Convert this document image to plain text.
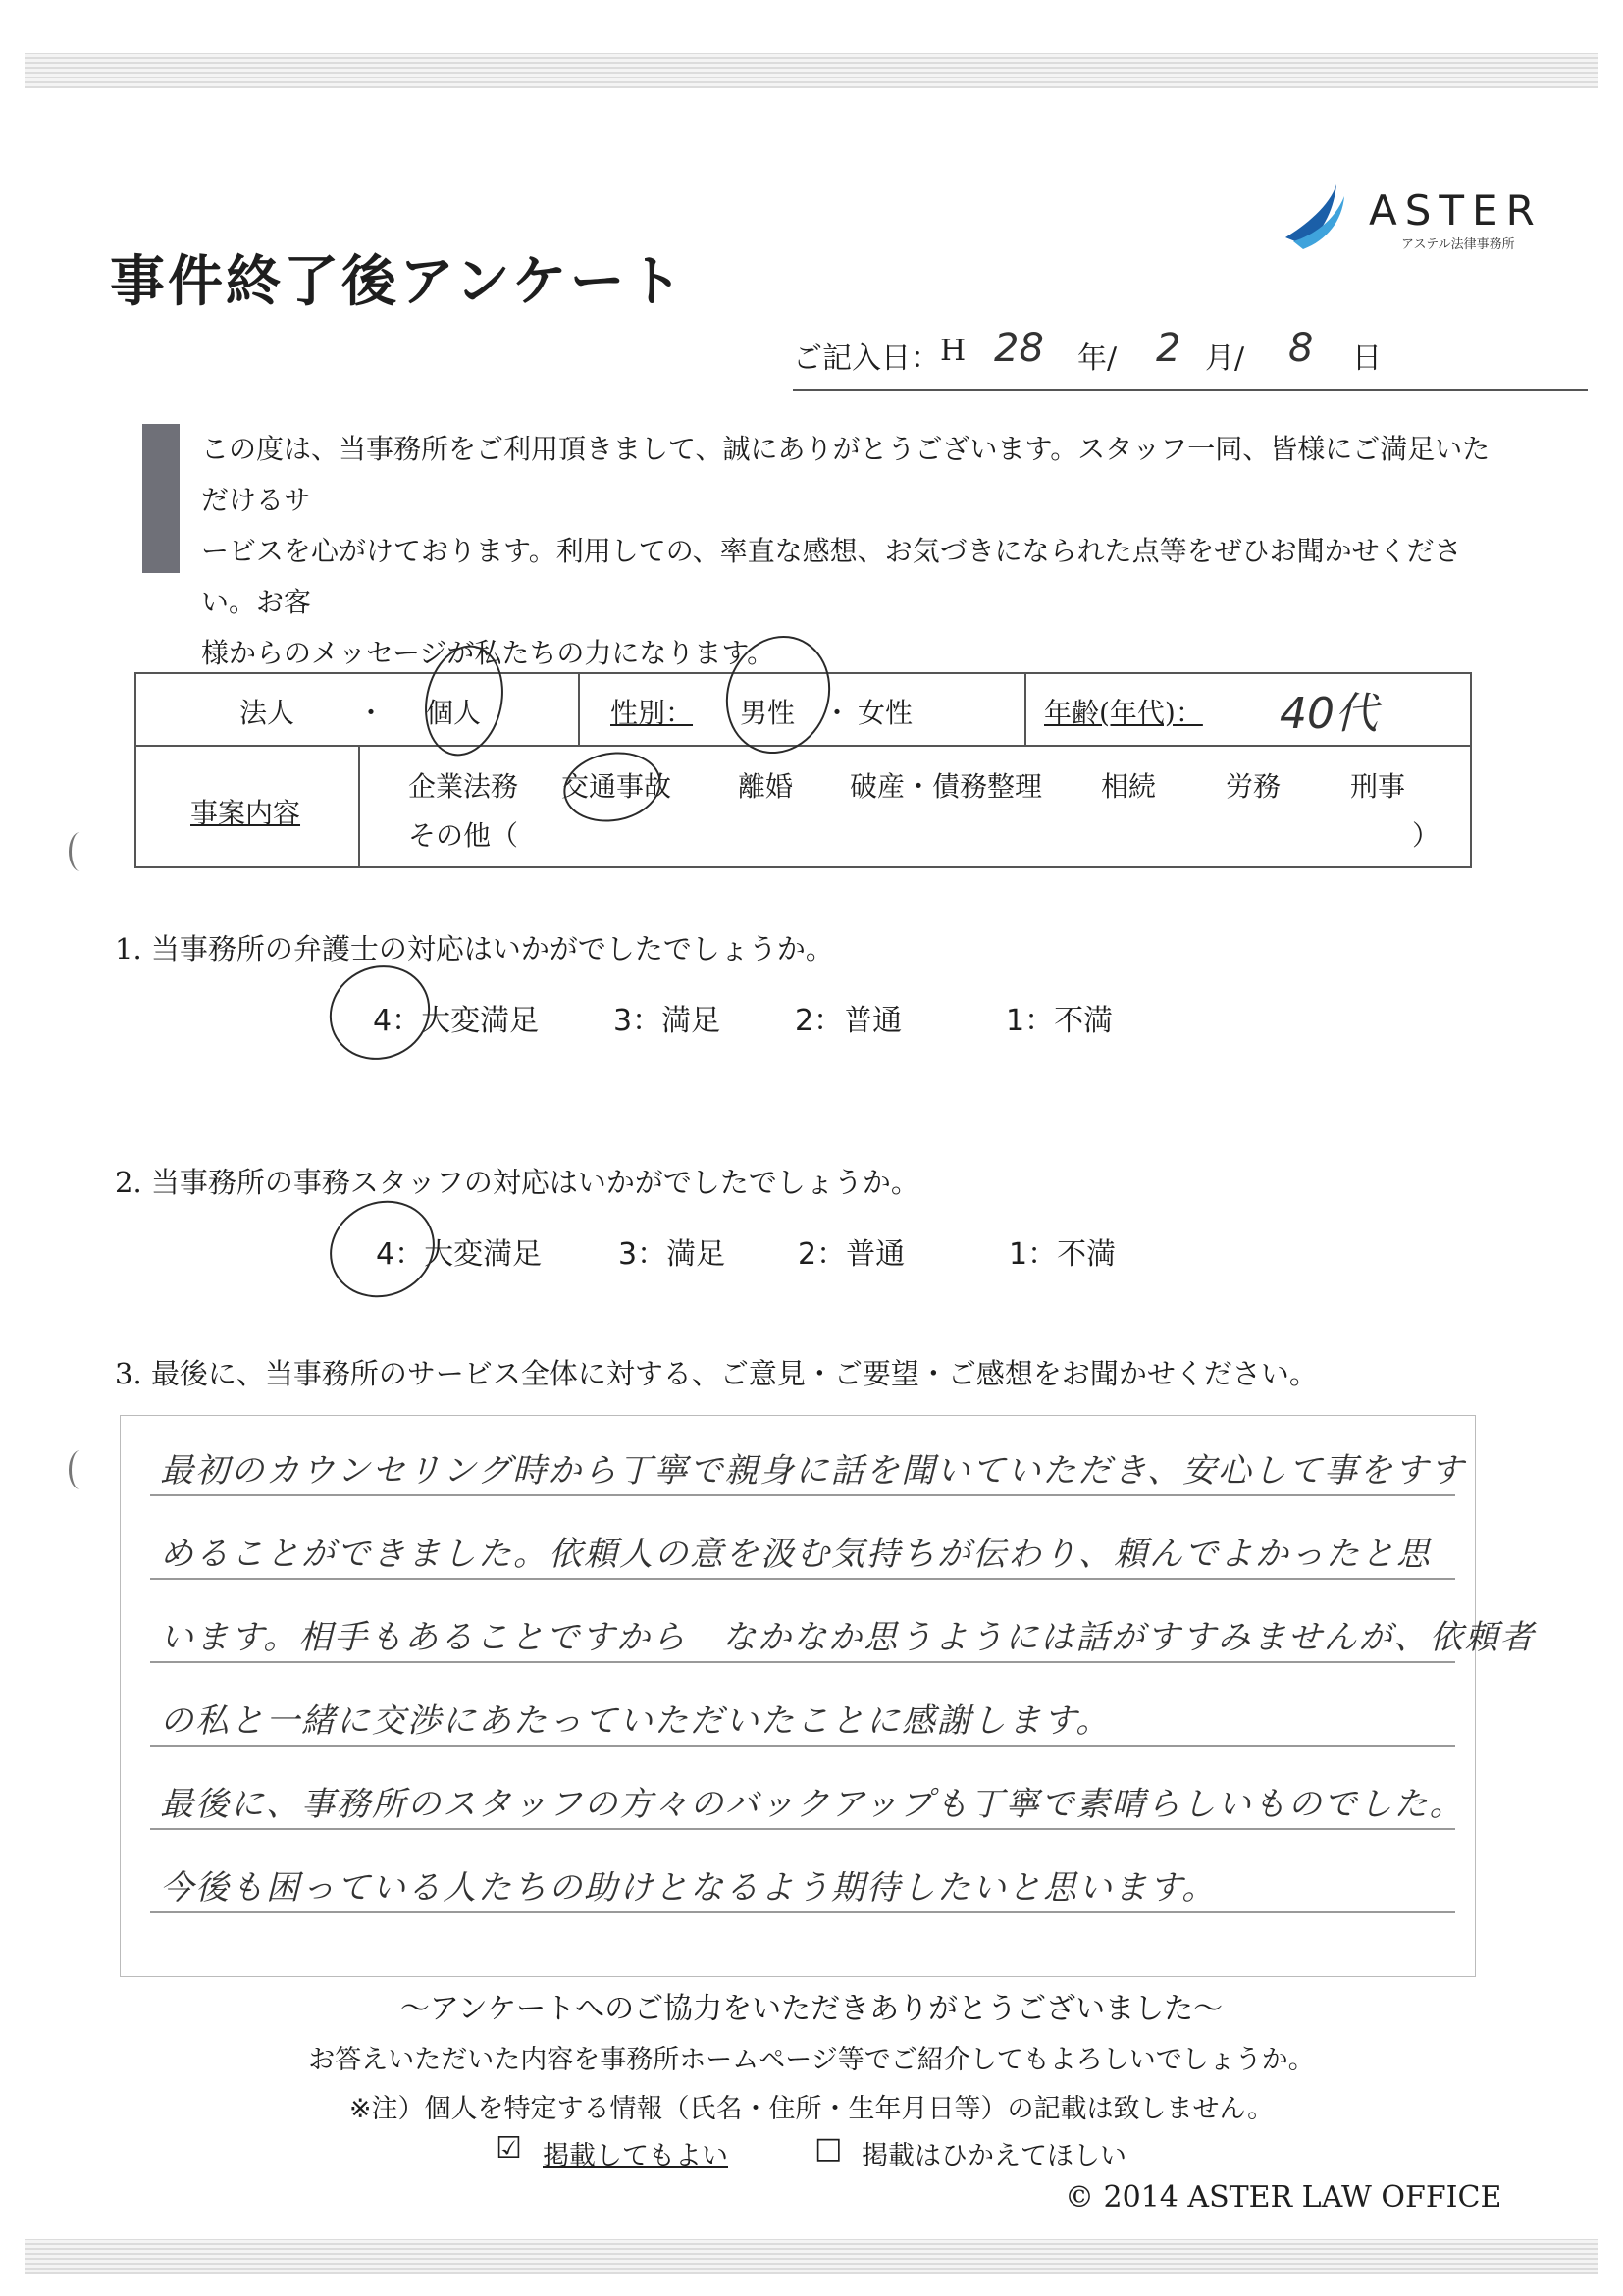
ASTER
アステル法律事務所
事件終了後アンケート
ご記入日： H 28 年/ 2 月/ 8 日
この度は、当事務所をご利用頂きまして、誠にありがとうございます。スタッフ一同、皆様にご満足いただけるサ
ービスを心がけております。利用しての、率直な感想、お気づきになられた点等をぜひお聞かせください。お客
様からのメッセージが私たちの力になります。
法人 ・ 個人	性別： 男性 ・ 女性	年齢(年代)： 40代
事案内容
企業法務 交通事故 離婚 破産・債務整理 相続	労務	刑事
その他（	）
1. 当事務所の弁護士の対応はいかがでしたでしょうか。
4：大変満足	3：満足	2：普通	1：不満
2. 当事務所の事務スタッフの対応はいかがでしたでしょうか。
4：大変満足	3：満足 2：普通	1：不満
3. 最後に、当事務所のサービス全体に対する、ご意見・ご要望・ご感想をお聞かせください。
最初のカウンセリング時から丁寧で親身に話を聞いていただき、安心して事をすす
めることができました。依頼人の意を汲む気持ちが伝わり、頼んでよかったと思
います。相手もあることですから　なかなか思うようには話がすすみませんが、依頼者
の私と一緒に交渉にあたっていただいたことに感謝します。
最後に、事務所のスタッフの方々のバックアップも丁寧で素晴らしいものでした。
今後も困っている人たちの助けとなるよう期待したいと思います。
～アンケートへのご協力をいただきありがとうございました～
お答えいただいた内容を事務所ホームページ等でご紹介してもよろしいでしょうか。
※注）個人を特定する情報（氏名・住所・生年月日等）の記載は致しません。
☑ 掲載してもよい	□ 掲載はひかえてほしい
© 2014 ASTER LAW OFFICE
